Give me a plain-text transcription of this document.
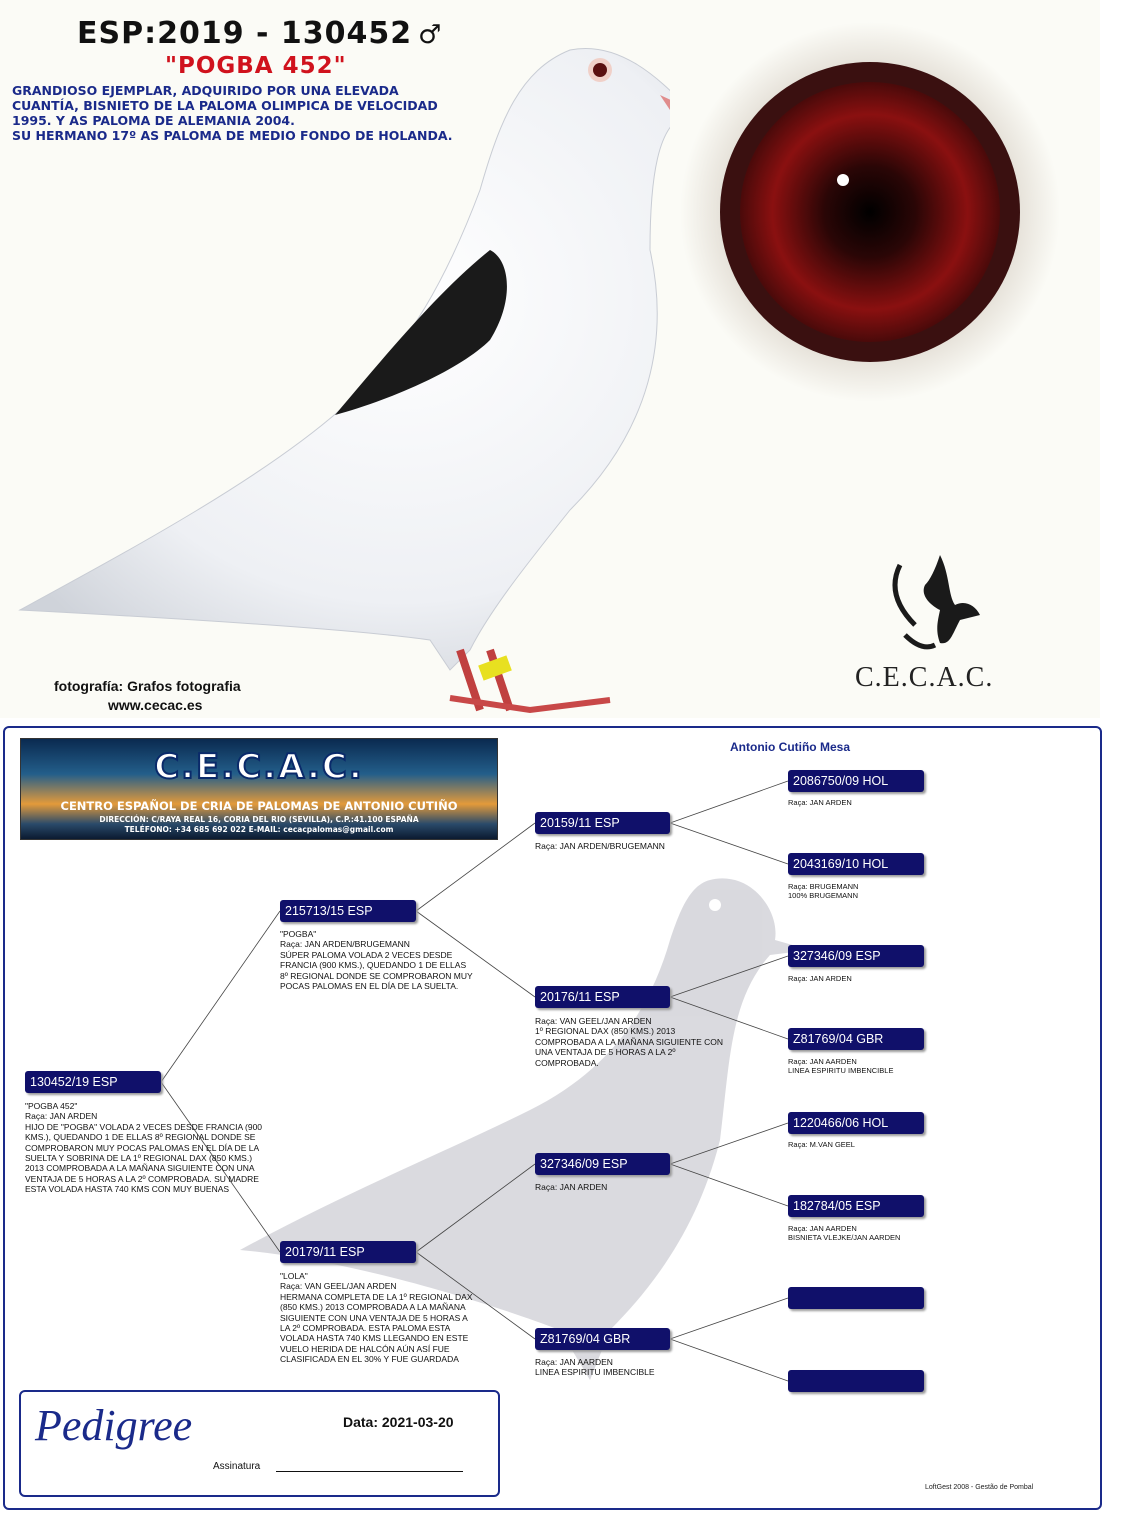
ESP:2019 - 130452 ♂
"POGBA 452"
GRANDIOSO EJEMPLAR, ADQUIRIDO POR UNA ELEVADA
CUANTÍA, BISNIETO DE LA PALOMA OLIMPICA DE VELOCIDAD
1995. Y AS PALOMA DE ALEMANIA 2004.
SU HERMANO 17º AS PALOMA DE MEDIO FONDO DE HOLANDA.
fotografía: Grafos fotografia
www.cecac.es
C.E.C.A.C.
C.E.C.A.C.
CENTRO ESPAÑOL DE CRIA DE PALOMAS DE ANTONIO CUTIÑO
DIRECCIÓN: C/RAYA REAL 16, CORIA DEL RIO (SEVILLA), C.P.:41.100 ESPAÑA
TELÉFONO: +34 685 692 022 E-MAIL: cecacpalomas@gmail.com
Antonio Cutiño Mesa
130452/19 ESP
"POGBA 452"
Raça: JAN ARDEN
HIJO DE "POGBA" VOLADA 2 VECES DESDE FRANCIA (900
KMS.), QUEDANDO 1 DE ELLAS 8º REGIONAL DONDE SE
COMPROBARON MUY POCAS PALOMAS EN EL DÍA DE LA
SUELTA Y SOBRINA DE LA 1º REGIONAL DAX (850 KMS.)
2013 COMPROBADA A LA MAÑANA SIGUIENTE CON UNA
VENTAJA DE 5 HORAS A LA 2º COMPROBADA. SU MADRE
ESTA VOLADA HASTA 740 KMS CON MUY BUENAS
215713/15 ESP
"POGBA"
Raça: JAN ARDEN/BRUGEMANN
SÚPER PALOMA VOLADA 2 VECES DESDE
FRANCIA (900 KMS.), QUEDANDO 1 DE ELLAS
8º REGIONAL DONDE SE COMPROBARON MUY
POCAS PALOMAS EN EL DÍA DE LA SUELTA.
20179/11 ESP
"LOLA"
Raça: VAN GEEL/JAN ARDEN
HERMANA COMPLETA DE LA 1º REGIONAL DAX
(850 KMS.) 2013 COMPROBADA A LA MAÑANA
SIGUIENTE CON UNA VENTAJA DE 5 HORAS A
LA 2º COMPROBADA. ESTA PALOMA ESTA
VOLADA HASTA 740 KMS LLEGANDO EN ESTE
VUELO HERIDA DE HALCÓN AÚN ASÍ FUE
CLASIFICADA EN EL 30% Y FUE GUARDADA
20159/11 ESP
Raça: JAN ARDEN/BRUGEMANN
20176/11 ESP
Raça: VAN GEEL/JAN ARDEN
1º REGIONAL DAX (850 KMS.) 2013
COMPROBADA A LA MAÑANA SIGUIENTE CON
UNA VENTAJA DE 5 HORAS A LA 2º
COMPROBADA.
327346/09 ESP
Raça: JAN ARDEN
Z81769/04 GBR
Raça: JAN AARDEN
LINEA ESPIRITU IMBENCIBLE
2086750/09 HOL
Raça: JAN ARDEN
2043169/10 HOL
Raça: BRUGEMANN
100% BRUGEMANN
327346/09 ESP
Raça: JAN ARDEN
Z81769/04 GBR
Raça: JAN AARDEN
LINEA ESPIRITU IMBENCIBLE
1220466/06 HOL
Raça: M.VAN GEEL
182784/05 ESP
Raça: JAN AARDEN
BISNIETA VLEJKE/JAN AARDEN
Pedigree	Data: 2021-03-20
Assinatura
LoftGest 2008 - Gestão de Pombal
